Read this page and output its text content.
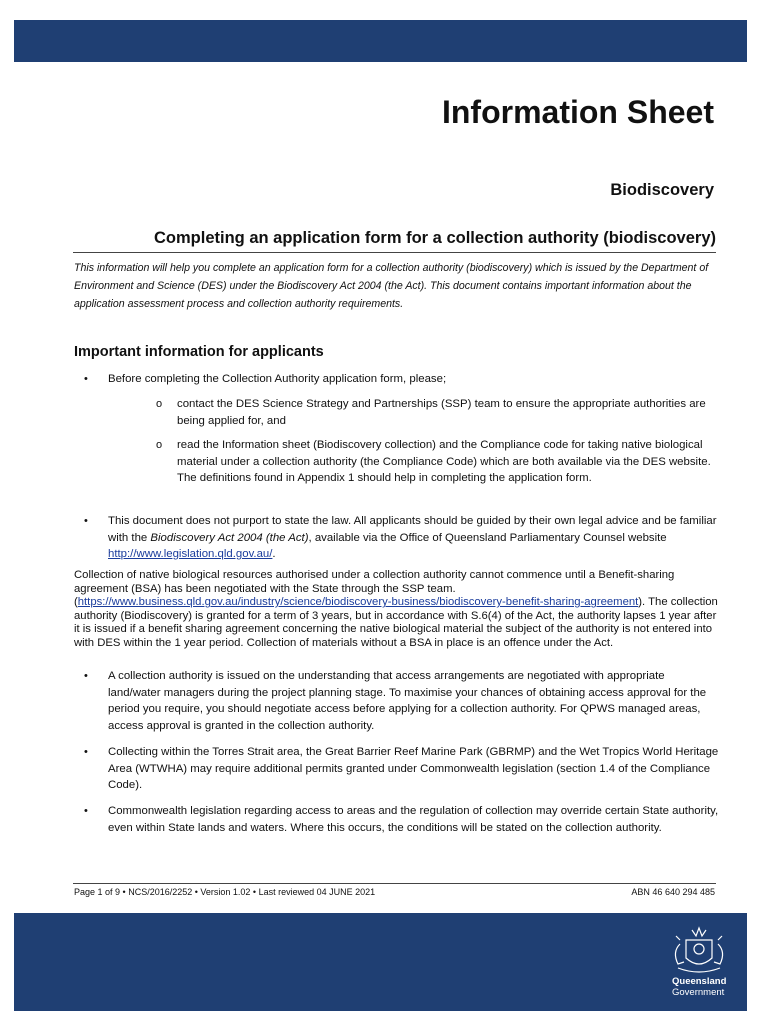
Information Sheet
Biodiscovery
Completing an application form for a collection authority (biodiscovery)

This information will help you complete an application form for a collection authority (biodiscovery) which is issued by the Department of Environment and Science (DES) under the Biodiscovery Act 2004 (the Act). This document contains important information about the application assessment process and collection authority requirements.

Important information for applicants
• Before completing the Collection Authority application form, please;

o contact the DES Science Strategy and Partnerships (SSP) team to ensure the appropriate authorities are being applied for, and

o read the Information sheet (Biodiscovery collection) and the Compliance code for taking native biological material under a collection authority (the Compliance Code) which are both available via the DES website. The definitions found in Appendix 1 should help in completing the application form.

• This document does not purport to state the law. All applicants should be guided by their own legal advice and be familiar with the Biodiscovery Act 2004 (the Act), available via the Office of Queensland Parliamentary Counsel website http://www.legislation.qld.gov.au/.

Collection of native biological resources authorised under a collection authority cannot commence until a Benefit-sharing agreement (BSA) has been negotiated with the State through the SSP team. (https://www.business.qld.gov.au/industry/science/biodiscovery-business/biodiscovery-benefit-sharing-agreement). The collection authority (Biodiscovery) is granted for a term of 3 years, but in accordance with S.6(4) of the Act, the authority lapses 1 year after it is issued if a benefit sharing agreement concerning the native biological material the subject of the authority is not entered into with DES within the 1 year period. Collection of materials without a BSA in place is an offence under the Act.

• A collection authority is issued on the understanding that access arrangements are negotiated with appropriate land/water managers during the project planning stage. To maximise your chances of obtaining access approval for the period you require, you should negotiate access before applying for a collection authority. For QPWS managed areas, access approval is granted in the collection authority.

• Collecting within the Torres Strait area, the Great Barrier Reef Marine Park (GBRMP) and the Wet Tropics World Heritage Area (WTWHA) may require additional permits granted under Commonwealth legislation (section 1.4 of the Compliance Code).

• Commonwealth legislation regarding access to areas and the regulation of collection may override certain State authority, even within State lands and waters. Where this occurs, the conditions will be stated on the collection authority.

Page 1 of 9 • NCS/2016/2252 • Version 1.02 • Last reviewed 04 JUNE 2021	ABN 46 640 294 485
Queensland
Government
